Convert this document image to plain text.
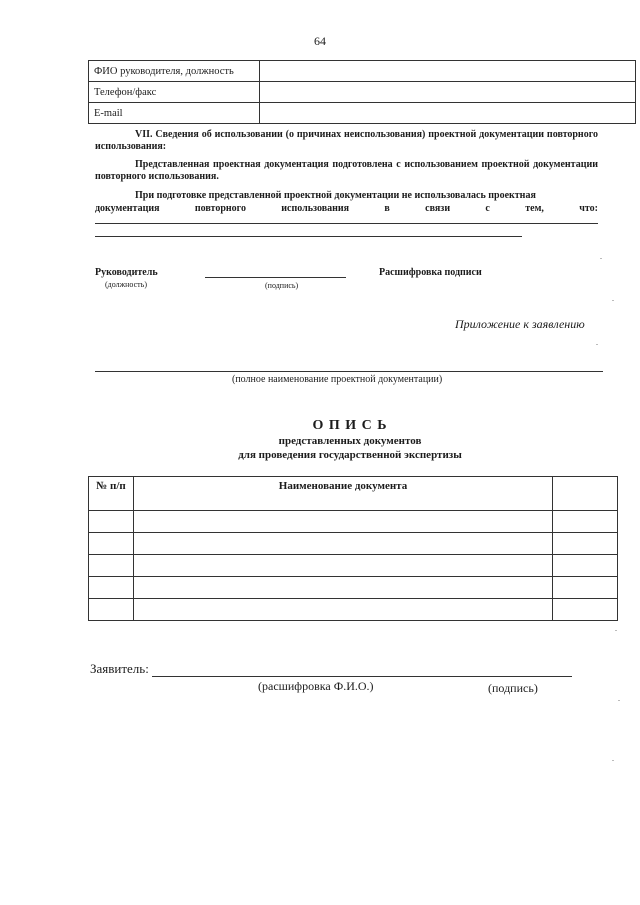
64
ФИО руководителя, должность	
Телефон/факс	
E-mail	
VII. Сведения об использовании (о причинах неиспользования) проектной документации повторного использования:
Представленная проектная документация подготовлена с использованием проектной документации повторного использования.
При подготовке представленной проектной документации не использовалась проектная
документация повторного использования в связи с тем, что:
Руководитель
(должность)	(подпись)
Расшифровка подписи
Приложение к заявлению
(полное наименование проектной документации)
О П И С Ь
представленных документов
для проведения государственной экспертизы
№ п/п	Наименование документа	

Заявитель:
(расшифровка Ф.И.О.)	(подпись)
